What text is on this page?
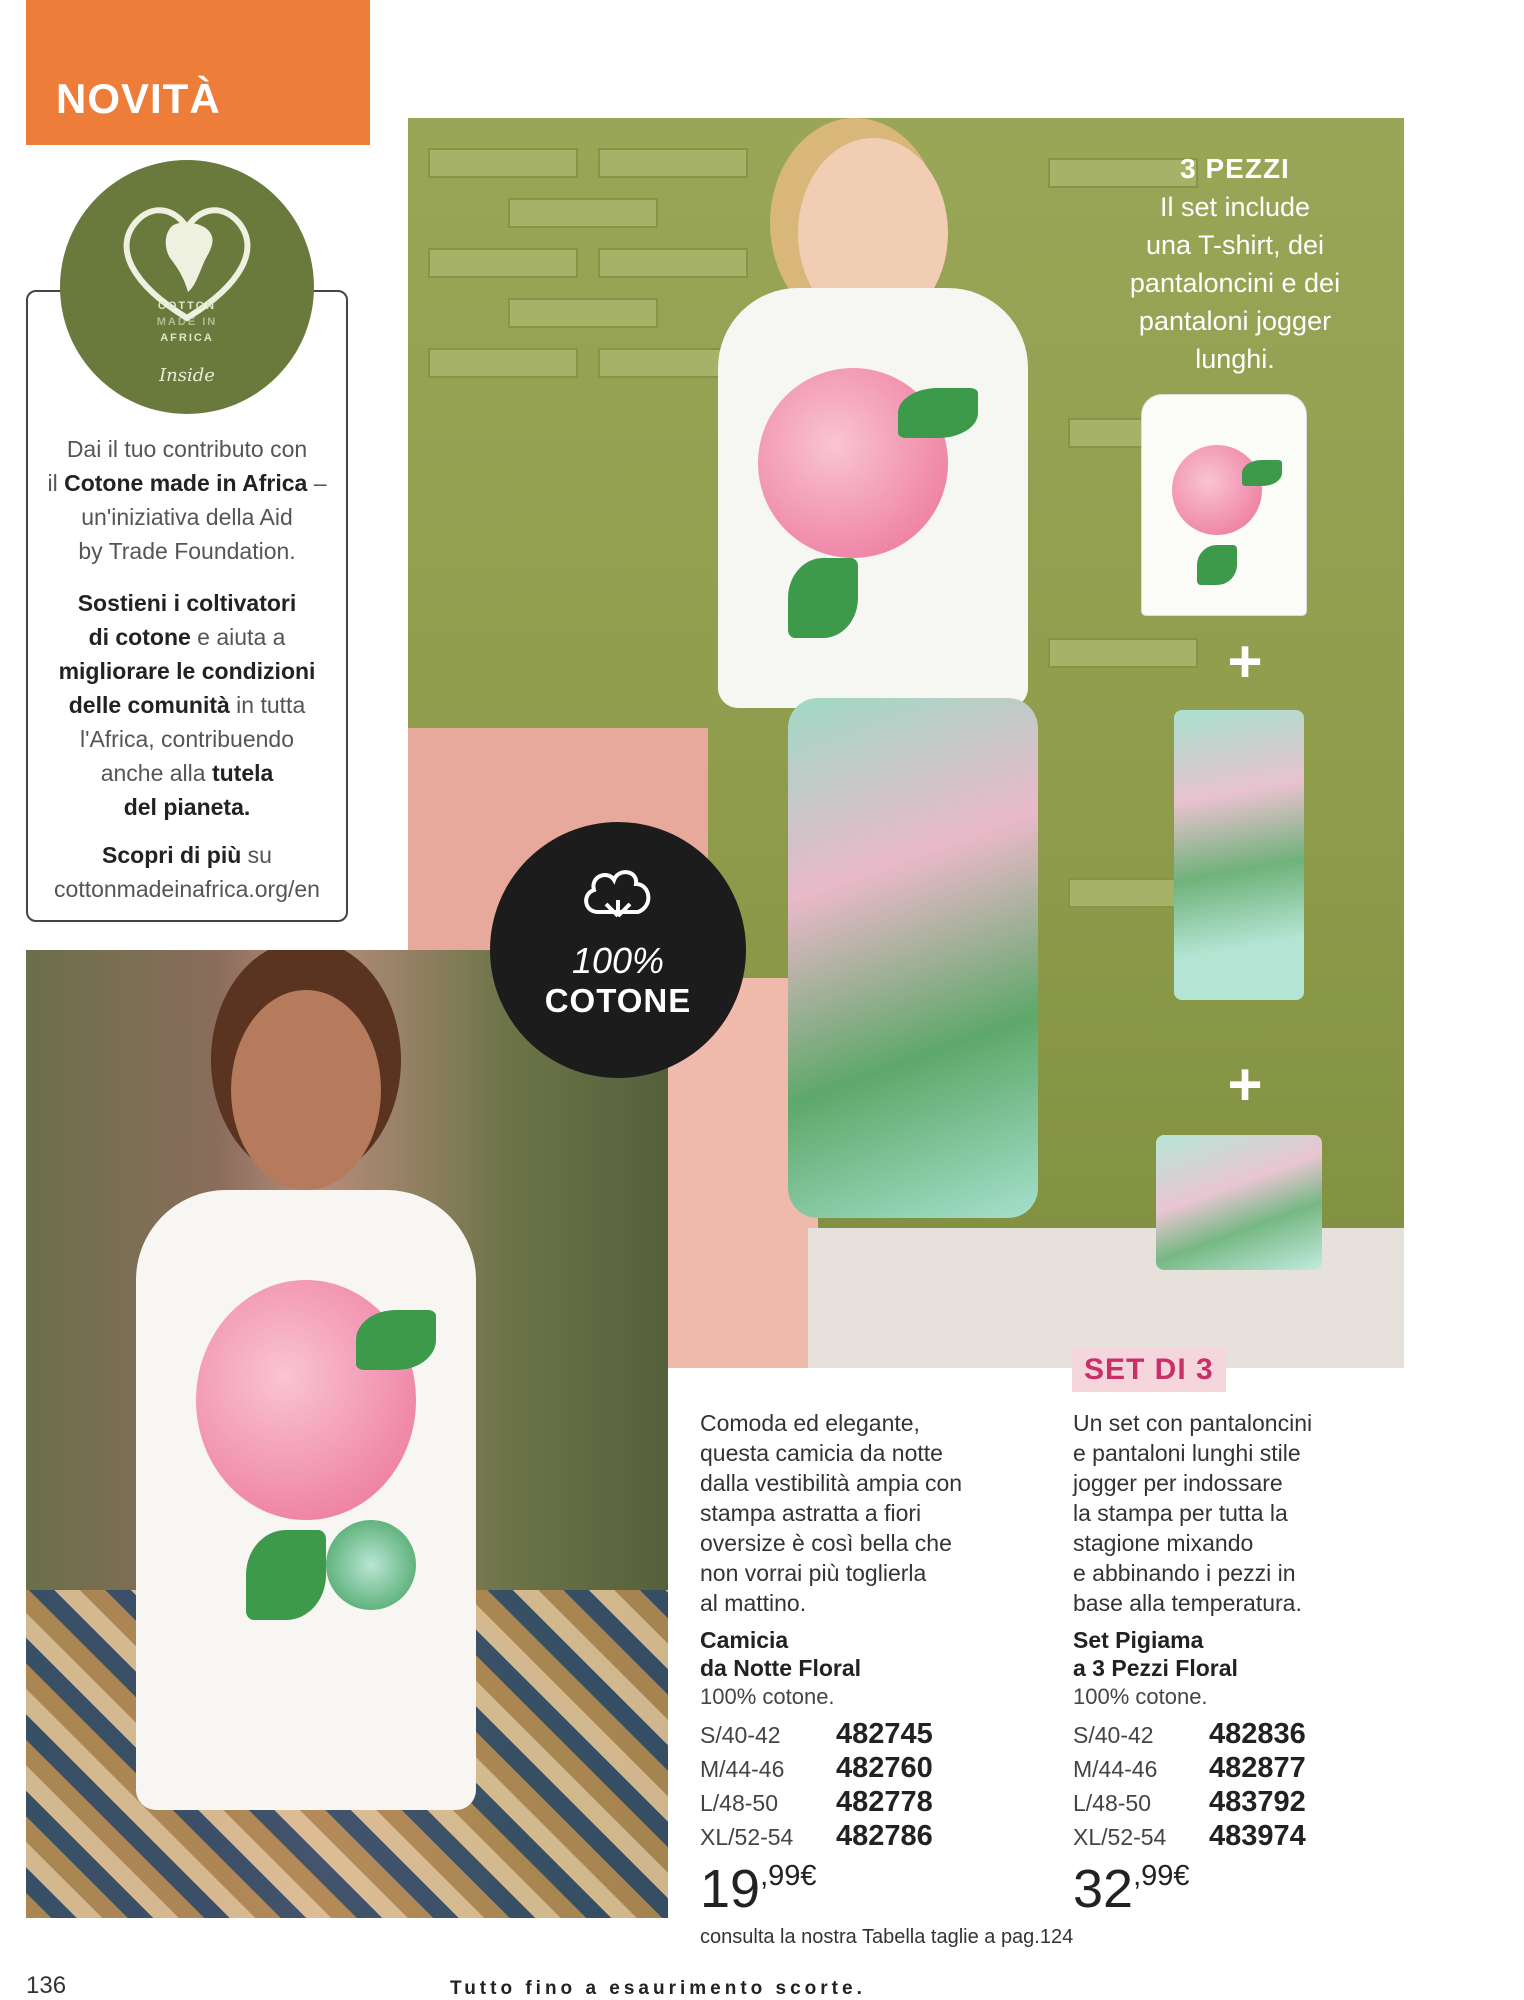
NOVITÀ
COTTON
MADE IN
AFRICA
Inside

Dai il tuo contributo con
il Cotone made in Africa –
un'iniziativa della Aid
by Trade Foundation.

Sostieni i coltivatori
di cotone e aiuta a
migliorare le condizioni
delle comunità in tutta
l'Africa, contribuendo
anche alla tutela
del pianeta.

Scopri di più su
cottonmadeinafrica.org/en

3 PEZZI
Il set include
una T-shirt, dei
pantaloncini e dei
pantaloni jogger
lunghi.
+
+
100%
COTONE
SET DI 3
Comoda ed elegante,
questa camicia da notte
dalla vestibilità ampia con
stampa astratta a fiori
oversize è così bella che
non vorrai più toglierla
al mattino.
Camicia
da Notte Floral
100% cotone.
S/40-42	482745
M/44-46	482760
L/48-50	482778
XL/52-54	482786
19 ,99€
Un set con pantaloncini
e pantaloni lunghi stile
jogger per indossare
la stampa per tutta la
stagione mixando
e abbinando i pezzi in
base alla temperatura.
Set Pigiama
a 3 Pezzi Floral
100% cotone.
S/40-42	482836
M/44-46	482877
L/48-50	483792
XL/52-54	483974
32 ,99€
consulta la nostra Tabella taglie a pag.124
136	Tutto fino a esaurimento scorte.
